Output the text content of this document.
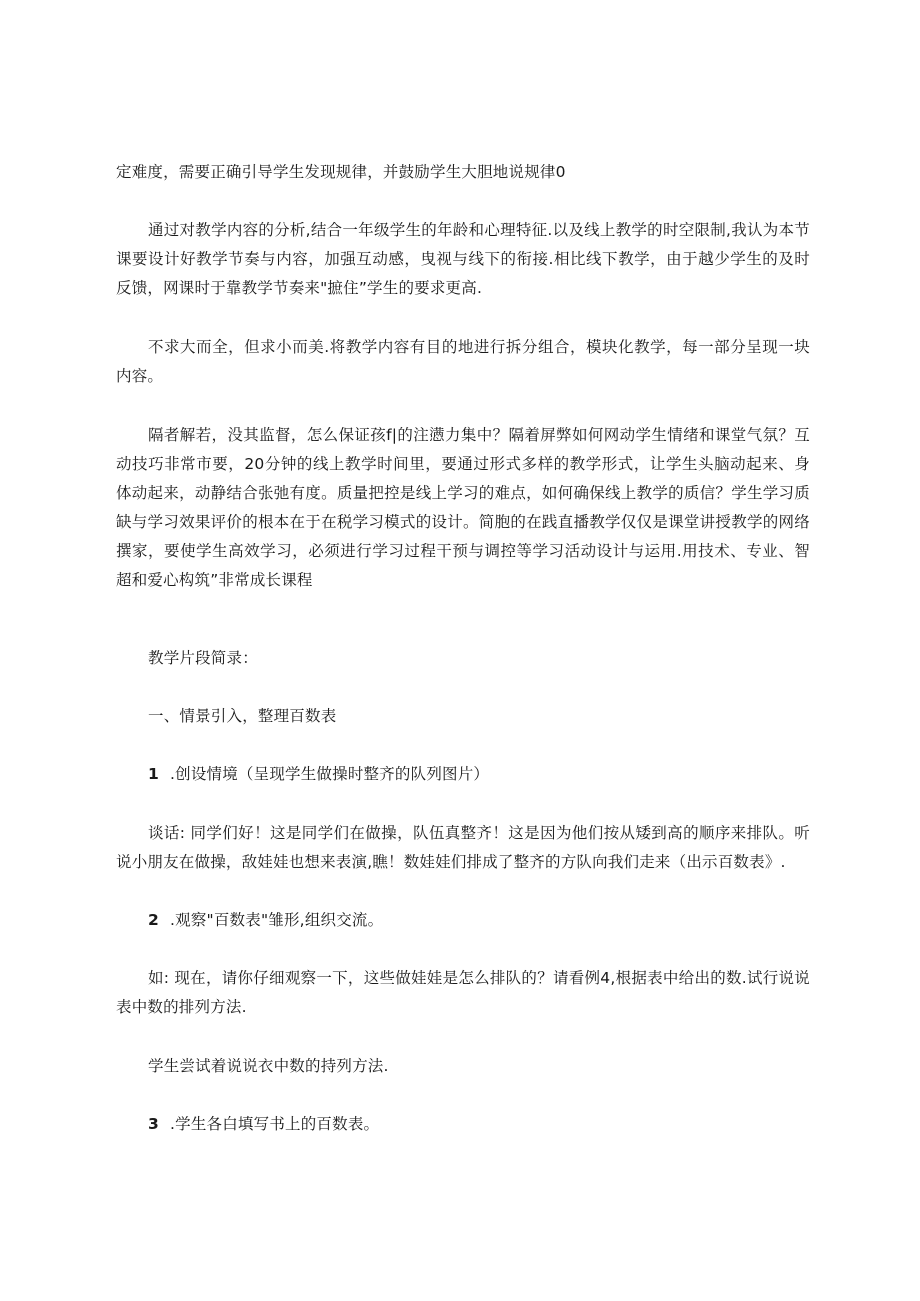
定难度，需要正确引导学生发现规律，并鼓励学生大胆地说规律0

通过对教学内容的分析,结合一年级学生的年龄和心理特征.以及线上教学的时空限制,我认为本节课要设计好教学节奏与内容，加强互动感，曳视与线下的衔接.相比线下教学，由于越少学生的及时反馈，网课时于靠教学节奏来"摭住”学生的要求更高.

不求大而全，但求小而美.将教学内容有目的地进行拆分组合，模块化教学，每一部分呈现一块内容。

隔者解若，没其监督，怎么保证孩f|的注懑力集中？隔着屏弊如何网动学生情绪和课堂气氛？互动技巧非常市要，20分钟的线上教学时间里，要通过形式多样的教学形式，让学生头脑动起来、身体动起来，动静结合张弛有度。质量把控是线上学习的难点，如何确保线上教学的质信？学生学习质缺与学习效果评价的根本在于在税学习模式的设计。简胞的在践直播教学仅仅是课堂讲授教学的网络撰家，要使学生高效学习，必须进行学习过程干预与调控等学习活动设计与运用.用技术、专业、智超和爱心构筑”非常成长课程

教学片段简录：

一、情景引入，整理百数表

1 .创设情境（呈现学生做操时整齐的队列图片）

谈话: 同学们好！这是同学们在做操，队伍真整齐！这是因为他们按从矮到高的顺序来排队。听说小朋友在做操，敌娃娃也想来表演,瞧！数娃娃们排成了整齐的方队向我们走来（出示百数表》.

2 .观察"百数表"雏形,组织交流。

如: 现在，请你仔细观察一下，这些做娃娃是怎么排队的？请看例4,根据表中给出的数.试行说说表中数的排列方法.

学生尝试着说说衣中数的持列方法.

3 .学生各白填写书上的百数表。
